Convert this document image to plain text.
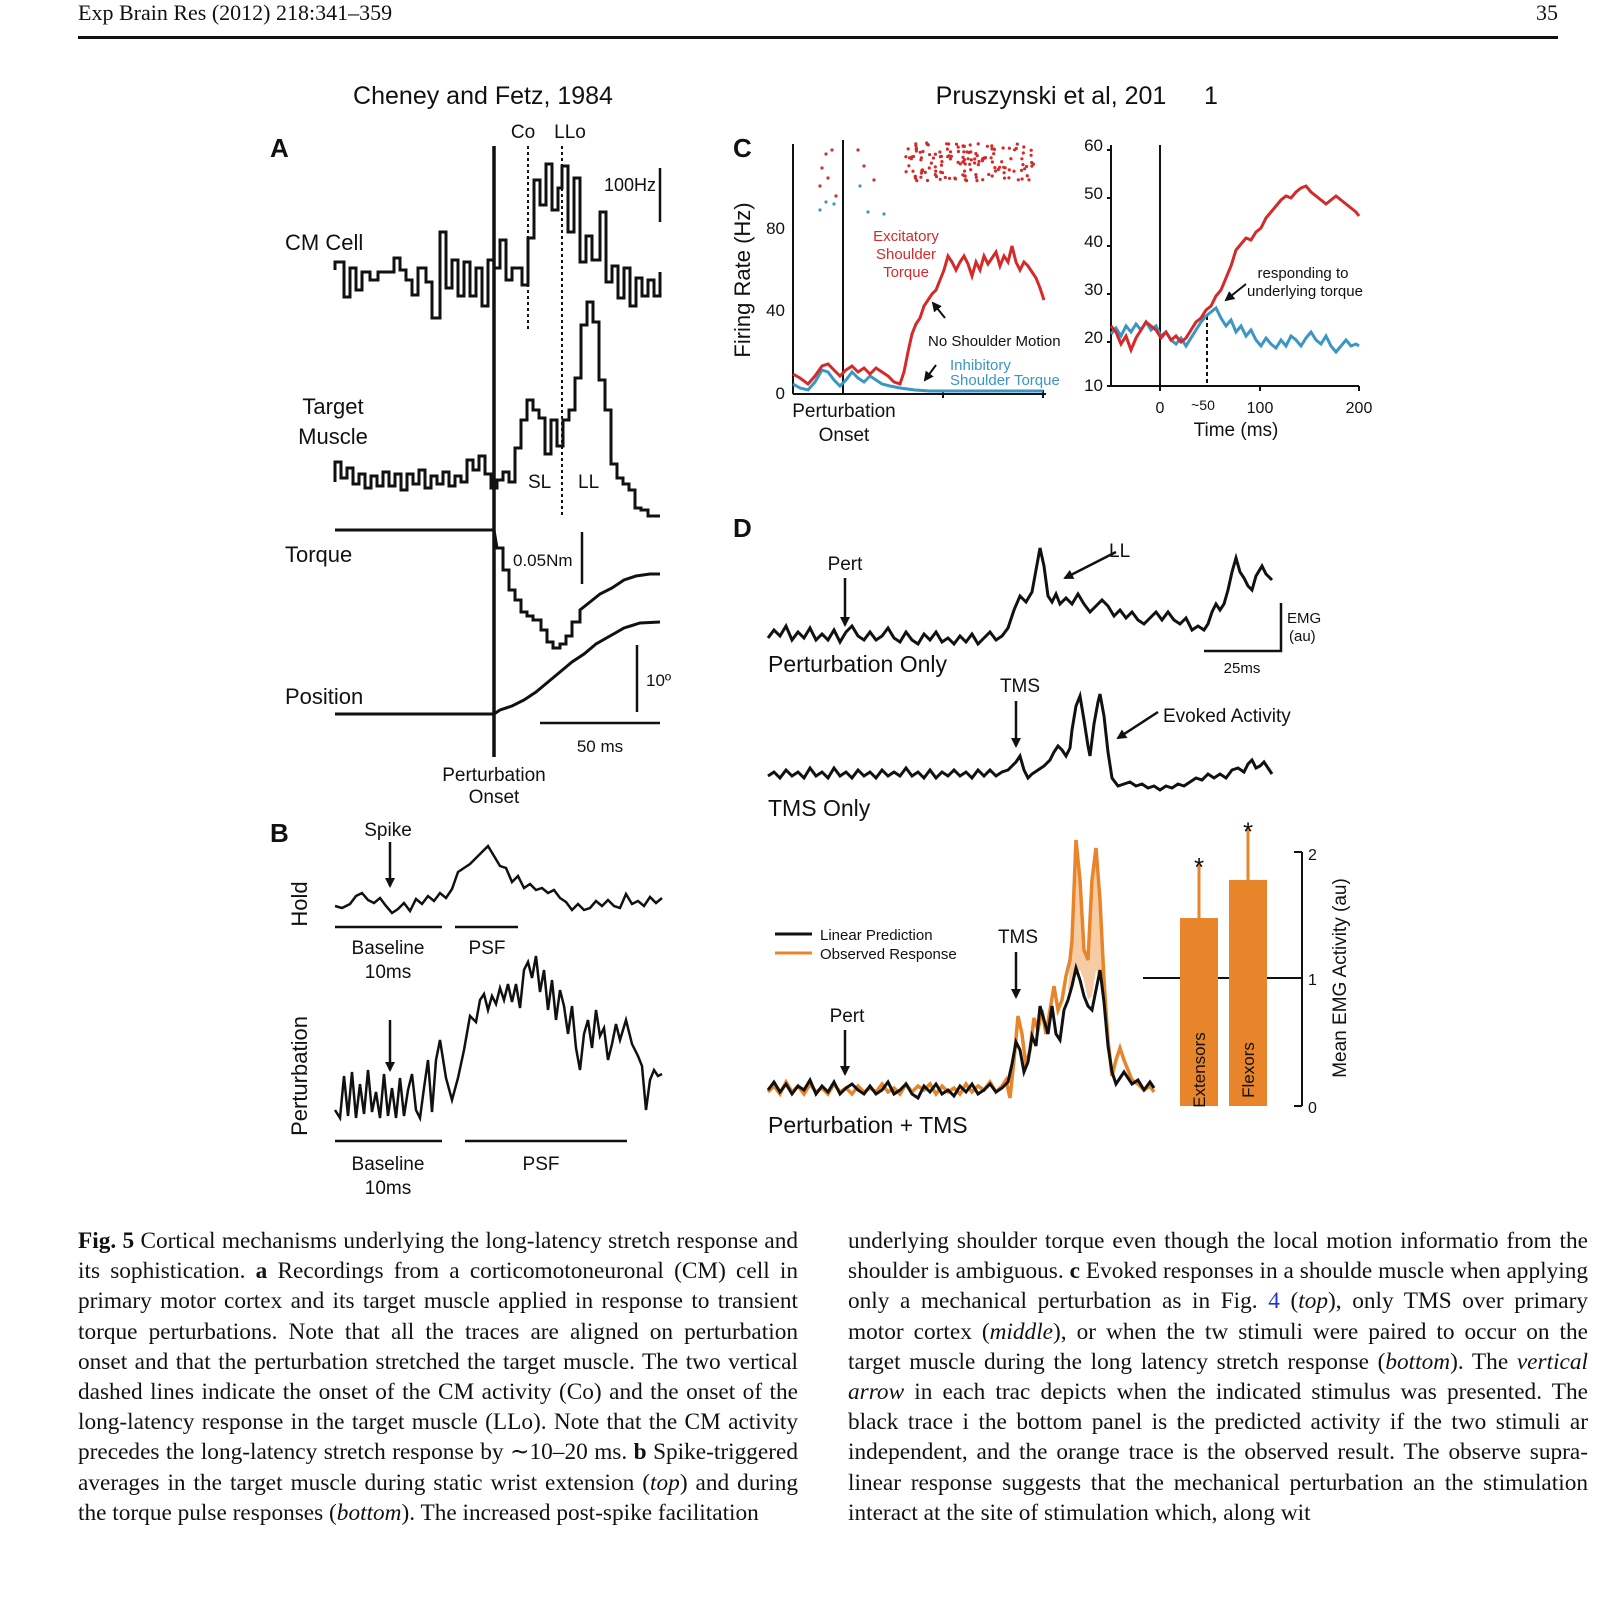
Exp Brain Res (2012) 218:341–359	35
Cheney and Fetz, 1984	Pruszynski et al, 201 1
A
Co LLo
CM Cell
100Hz
Target
Muscle
SL LL
Torque	0.05Nm
Position
10º
50 ms
Perturbation
Onset
B	Spike
Hold
Baseline
10ms
PSF
Perturbation
Baseline
10ms
PSF
C
Firing Rate (Hz) 80
40
0
Excitatory
Shoulder
Torque
No Shoulder Motion
Inhibitory
Shoulder Torque
Perturbation
Onset
60
50
40
30
20
10
0 ~50 100	200
Time (ms)
responding to
underlying torque
D
Pert
LL
EMG
(au)
25ms
Perturbation Only
TMS
Evoked Activity
TMS Only
Linear Prediction
Observed Response
TMS
Pert
Perturbation + TMS
2
1
0
Mean EMG Activity (au)
*
Extensors
*
Flexors
Fig. 5 Cortical mechanisms underlying the long-latency stretch response and its sophistication. a Recordings from a corticomotoneuronal (CM) cell in primary motor cortex and its target muscle applied in response to transient torque perturbations. Note that all the traces are aligned on perturbation onset and that the perturbation stretched the target muscle. The two vertical dashed lines indicate the onset of the CM activity (Co) and the onset of the long-latency response in the target muscle (LLo). Note that the CM activity precedes the long-latency stretch response by ∼10–20 ms. b Spike-triggered averages in the target muscle during static wrist extension (top) and during the torque pulse responses (bottom). The increased post-spike facilitation
underlying shoulder torque even though the local motion informatio from the shoulder is ambiguous. c Evoked responses in a shoulde muscle when applying only a mechanical perturbation as in Fig. 4 (top), only TMS over primary motor cortex (middle), or when the tw stimuli were paired to occur on the target muscle during the long latency stretch response (bottom). The vertical arrow in each trac depicts when the indicated stimulus was presented. The black trace i the bottom panel is the predicted activity if the two stimuli ar independent, and the orange trace is the observed result. The observe supra-linear response suggests that the mechanical perturbation an the stimulation interact at the site of stimulation which, along wit
